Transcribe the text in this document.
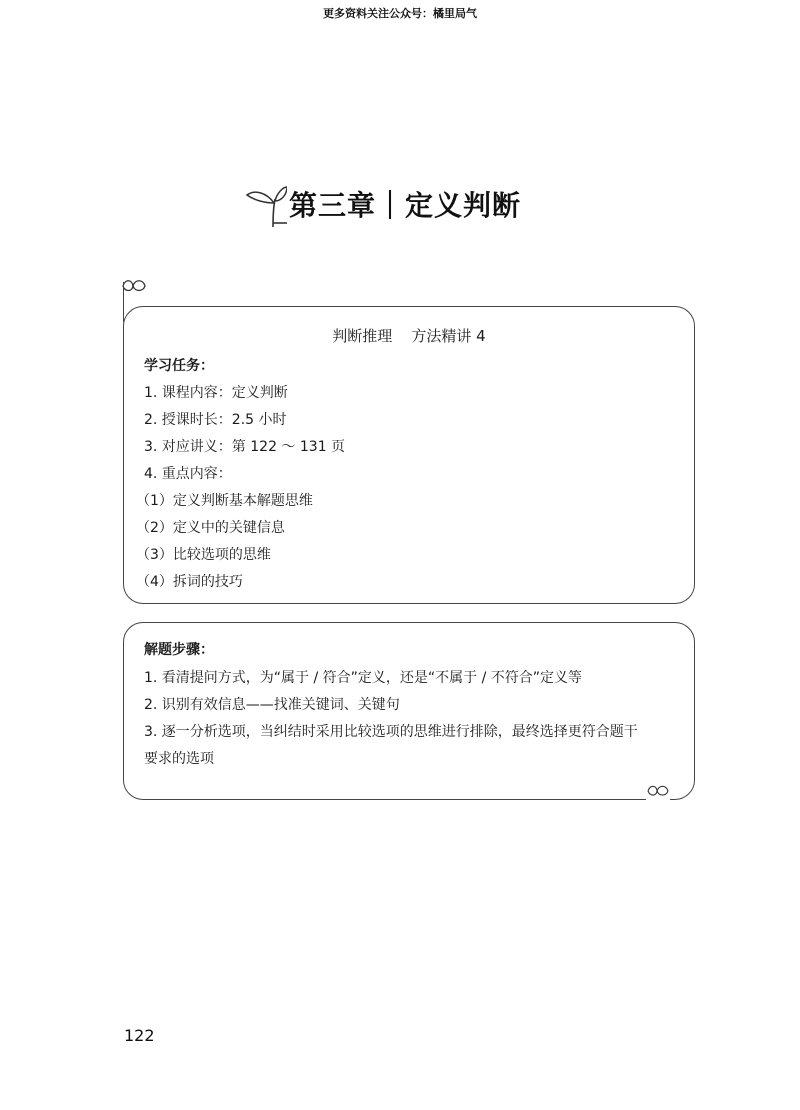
更多资料关注公众号：橘里局气
第三章｜定义判断
判断推理    方法精讲 4
学习任务：
1. 课程内容：定义判断
2. 授课时长：2.5 小时
3. 对应讲义：第 122 ～ 131 页
4. 重点内容：
（1）定义判断基本解题思维
（2）定义中的关键信息
（3）比较选项的思维
（4）拆词的技巧
解题步骤：
1. 看清提问方式，为“属于 / 符合”定义，还是“不属于 / 不符合”定义等
2. 识别有效信息——找准关键词、关键句
3. 逐一分析选项，当纠结时采用比较选项的思维进行排除，最终选择更符合题干
要求的选项
122
